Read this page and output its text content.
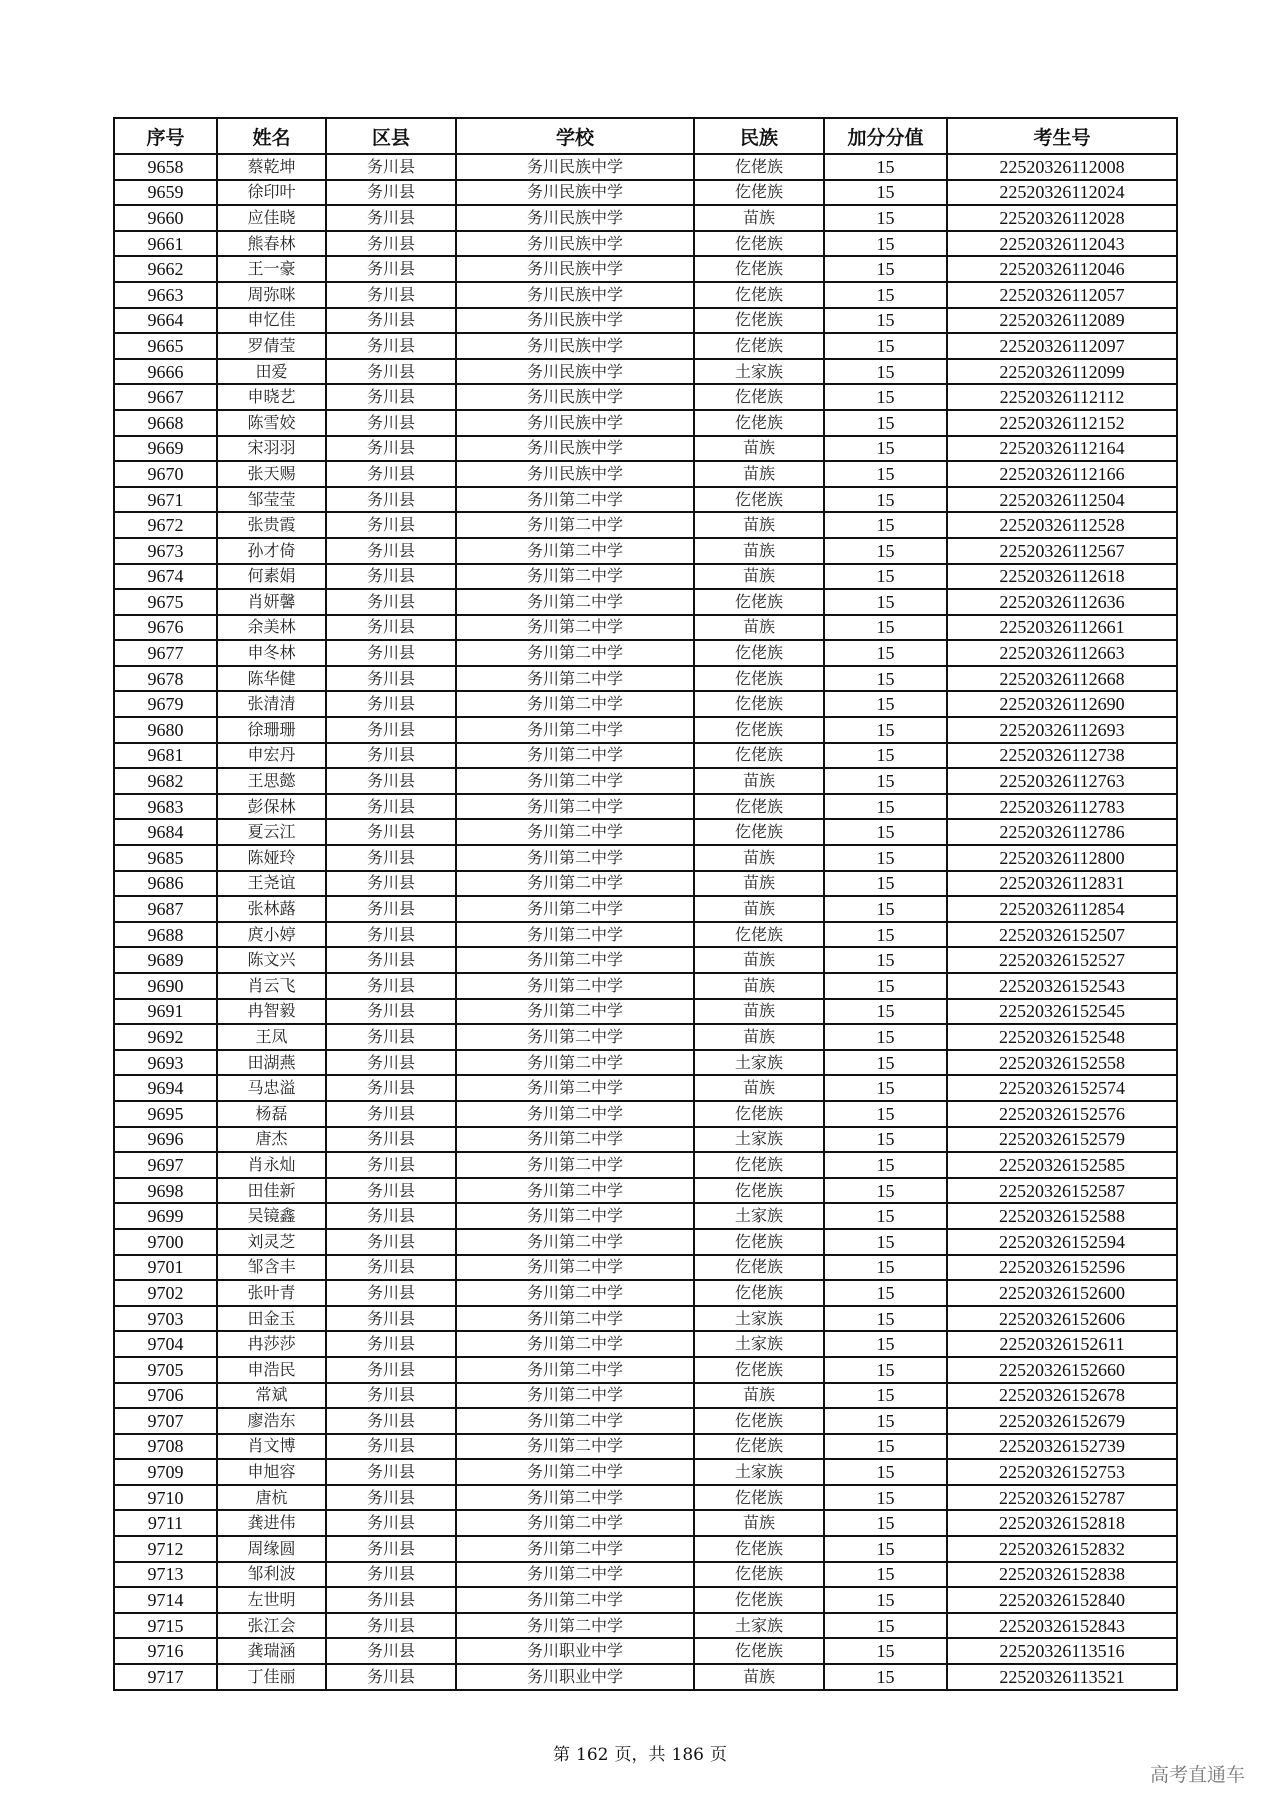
序号	姓名	区县	学校	民族	加分分值	考生号
9658	蔡乾坤	务川县	务川民族中学	仡佬族	15	22520326112008
9659	徐印叶	务川县	务川民族中学	仡佬族	15	22520326112024
9660	应佳晓	务川县	务川民族中学	苗族	15	22520326112028
9661	熊春林	务川县	务川民族中学	仡佬族	15	22520326112043
9662	王一豪	务川县	务川民族中学	仡佬族	15	22520326112046
9663	周弥咪	务川县	务川民族中学	仡佬族	15	22520326112057
9664	申忆佳	务川县	务川民族中学	仡佬族	15	22520326112089
9665	罗倩莹	务川县	务川民族中学	仡佬族	15	22520326112097
9666	田爱	务川县	务川民族中学	土家族	15	22520326112099
9667	申晓艺	务川县	务川民族中学	仡佬族	15	22520326112112
9668	陈雪姣	务川县	务川民族中学	仡佬族	15	22520326112152
9669	宋羽羽	务川县	务川民族中学	苗族	15	22520326112164
9670	张天赐	务川县	务川民族中学	苗族	15	22520326112166
9671	邹莹莹	务川县	务川第二中学	仡佬族	15	22520326112504
9672	张贵霞	务川县	务川第二中学	苗族	15	22520326112528
9673	孙才倚	务川县	务川第二中学	苗族	15	22520326112567
9674	何素娟	务川县	务川第二中学	苗族	15	22520326112618
9675	肖妍馨	务川县	务川第二中学	仡佬族	15	22520326112636
9676	余美林	务川县	务川第二中学	苗族	15	22520326112661
9677	申冬林	务川县	务川第二中学	仡佬族	15	22520326112663
9678	陈华健	务川县	务川第二中学	仡佬族	15	22520326112668
9679	张清清	务川县	务川第二中学	仡佬族	15	22520326112690
9680	徐珊珊	务川县	务川第二中学	仡佬族	15	22520326112693
9681	申宏丹	务川县	务川第二中学	仡佬族	15	22520326112738
9682	王思懿	务川县	务川第二中学	苗族	15	22520326112763
9683	彭保林	务川县	务川第二中学	仡佬族	15	22520326112783
9684	夏云江	务川县	务川第二中学	仡佬族	15	22520326112786
9685	陈娅玲	务川县	务川第二中学	苗族	15	22520326112800
9686	王尧谊	务川县	务川第二中学	苗族	15	22520326112831
9687	张林蕗	务川县	务川第二中学	苗族	15	22520326112854
9688	庹小婷	务川县	务川第二中学	仡佬族	15	22520326152507
9689	陈文兴	务川县	务川第二中学	苗族	15	22520326152527
9690	肖云飞	务川县	务川第二中学	苗族	15	22520326152543
9691	冉智毅	务川县	务川第二中学	苗族	15	22520326152545
9692	王凤	务川县	务川第二中学	苗族	15	22520326152548
9693	田湖燕	务川县	务川第二中学	土家族	15	22520326152558
9694	马忠溢	务川县	务川第二中学	苗族	15	22520326152574
9695	杨磊	务川县	务川第二中学	仡佬族	15	22520326152576
9696	唐杰	务川县	务川第二中学	土家族	15	22520326152579
9697	肖永灿	务川县	务川第二中学	仡佬族	15	22520326152585
9698	田佳新	务川县	务川第二中学	仡佬族	15	22520326152587
9699	吴镜鑫	务川县	务川第二中学	土家族	15	22520326152588
9700	刘灵芝	务川县	务川第二中学	仡佬族	15	22520326152594
9701	邹含丰	务川县	务川第二中学	仡佬族	15	22520326152596
9702	张叶青	务川县	务川第二中学	仡佬族	15	22520326152600
9703	田金玉	务川县	务川第二中学	土家族	15	22520326152606
9704	冉莎莎	务川县	务川第二中学	土家族	15	22520326152611
9705	申浩民	务川县	务川第二中学	仡佬族	15	22520326152660
9706	常斌	务川县	务川第二中学	苗族	15	22520326152678
9707	廖浩东	务川县	务川第二中学	仡佬族	15	22520326152679
9708	肖文博	务川县	务川第二中学	仡佬族	15	22520326152739
9709	申旭容	务川县	务川第二中学	土家族	15	22520326152753
9710	唐杭	务川县	务川第二中学	仡佬族	15	22520326152787
9711	龚进伟	务川县	务川第二中学	苗族	15	22520326152818
9712	周缘圆	务川县	务川第二中学	仡佬族	15	22520326152832
9713	邹利波	务川县	务川第二中学	仡佬族	15	22520326152838
9714	左世明	务川县	务川第二中学	仡佬族	15	22520326152840
9715	张江会	务川县	务川第二中学	土家族	15	22520326152843
9716	龚瑞涵	务川县	务川职业中学	仡佬族	15	22520326113516
9717	丁佳丽	务川县	务川职业中学	苗族	15	22520326113521
第 162 页，共 186 页
高考直通车
